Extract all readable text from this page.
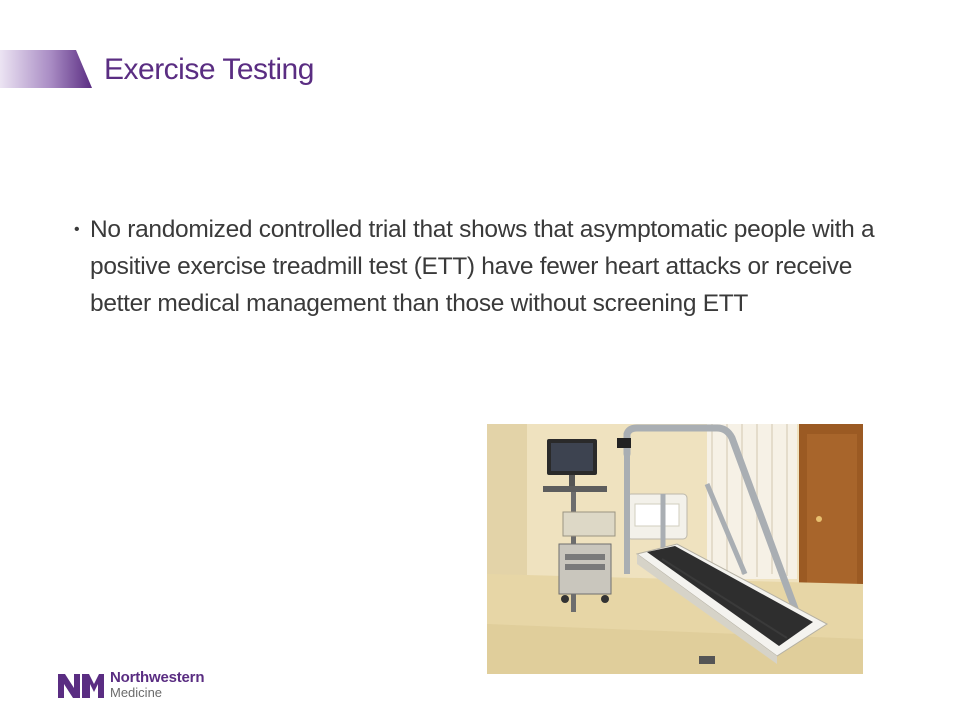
Exercise Testing
• No randomized controlled trial that shows that asymptomatic people with a positive exercise treadmill test (ETT) have fewer heart attacks or receive better medical management than those without screening ETT
Northwestern
Medicine
